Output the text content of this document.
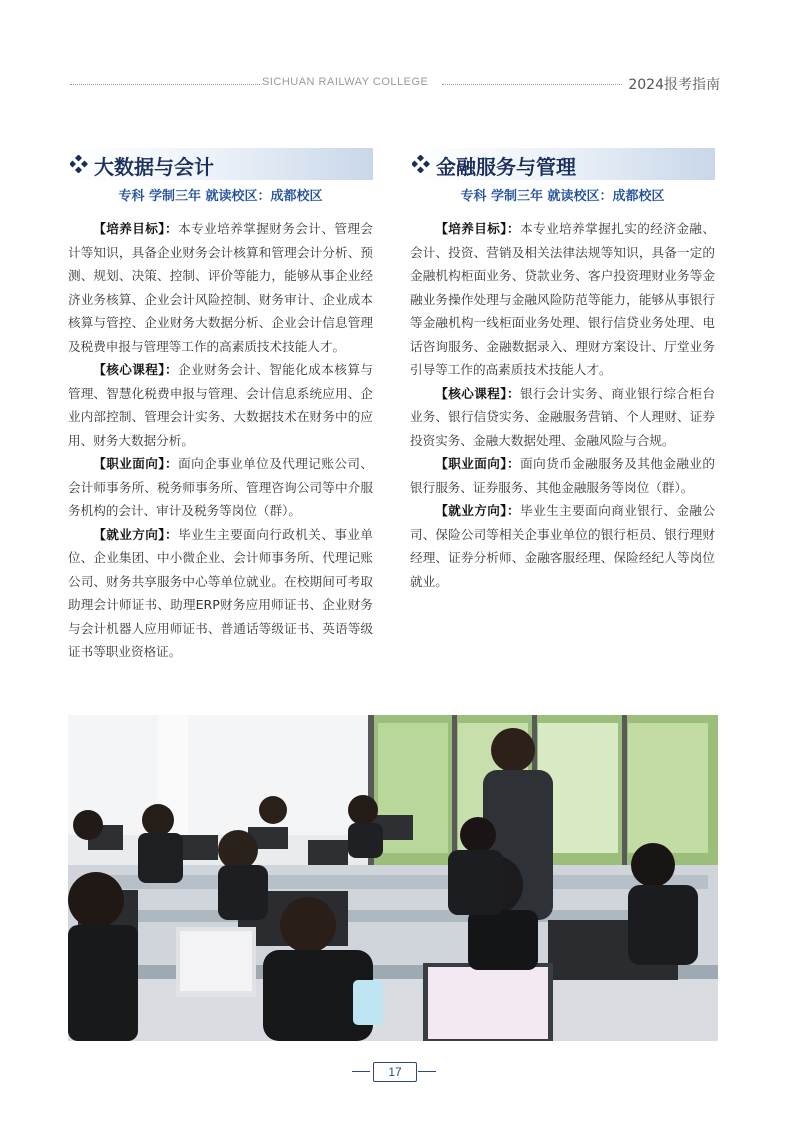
SICHUAN RAILWAY COLLEGE	2024报考指南
大数据与会计
专科 学制三年 就读校区：成都校区

【培养目标】：本专业培养掌握财务会计、管理会计等知识，具备企业财务会计核算和管理会计分析、预测、规划、决策、控制、评价等能力，能够从事企业经济业务核算、企业会计风险控制、财务审计、企业成本核算与管控、企业财务大数据分析、企业会计信息管理及税费申报与管理等工作的高素质技术技能人才。

【核心课程】：企业财务会计、智能化成本核算与管理、智慧化税费申报与管理、会计信息系统应用、企业内部控制、管理会计实务、大数据技术在财务中的应用、财务大数据分析。

【职业面向】：面向企事业单位及代理记账公司、会计师事务所、税务师事务所、管理咨询公司等中介服务机构的会计、审计及税务等岗位（群）。

【就业方向】：毕业生主要面向行政机关、事业单位、企业集团、中小微企业、会计师事务所、代理记账公司、财务共享服务中心等单位就业。在校期间可考取助理会计师证书、助理ERP财务应用师证书、企业财务与会计机器人应用师证书、普通话等级证书、英语等级证书等职业资格证。

金融服务与管理
专科 学制三年 就读校区：成都校区

【培养目标】：本专业培养掌握扎实的经济金融、会计、投资、营销及相关法律法规等知识，具备一定的金融机构柜面业务、贷款业务、客户投资理财业务等金融业务操作处理与金融风险防范等能力，能够从事银行等金融机构一线柜面业务处理、银行信贷业务处理、电话咨询服务、金融数据录入、理财方案设计、厅堂业务引导等工作的高素质技术技能人才。

【核心课程】：银行会计实务、商业银行综合柜台业务、银行信贷实务、金融服务营销、个人理财、证券投资实务、金融大数据处理、金融风险与合规。

【职业面向】：面向货币金融服务及其他金融业的银行服务、证券服务、其他金融服务等岗位（群）。

【就业方向】：毕业生主要面向商业银行、金融公司、保险公司等相关企事业单位的银行柜员、银行理财经理、证券分析师、金融客服经理、保险经纪人等岗位就业。

17
